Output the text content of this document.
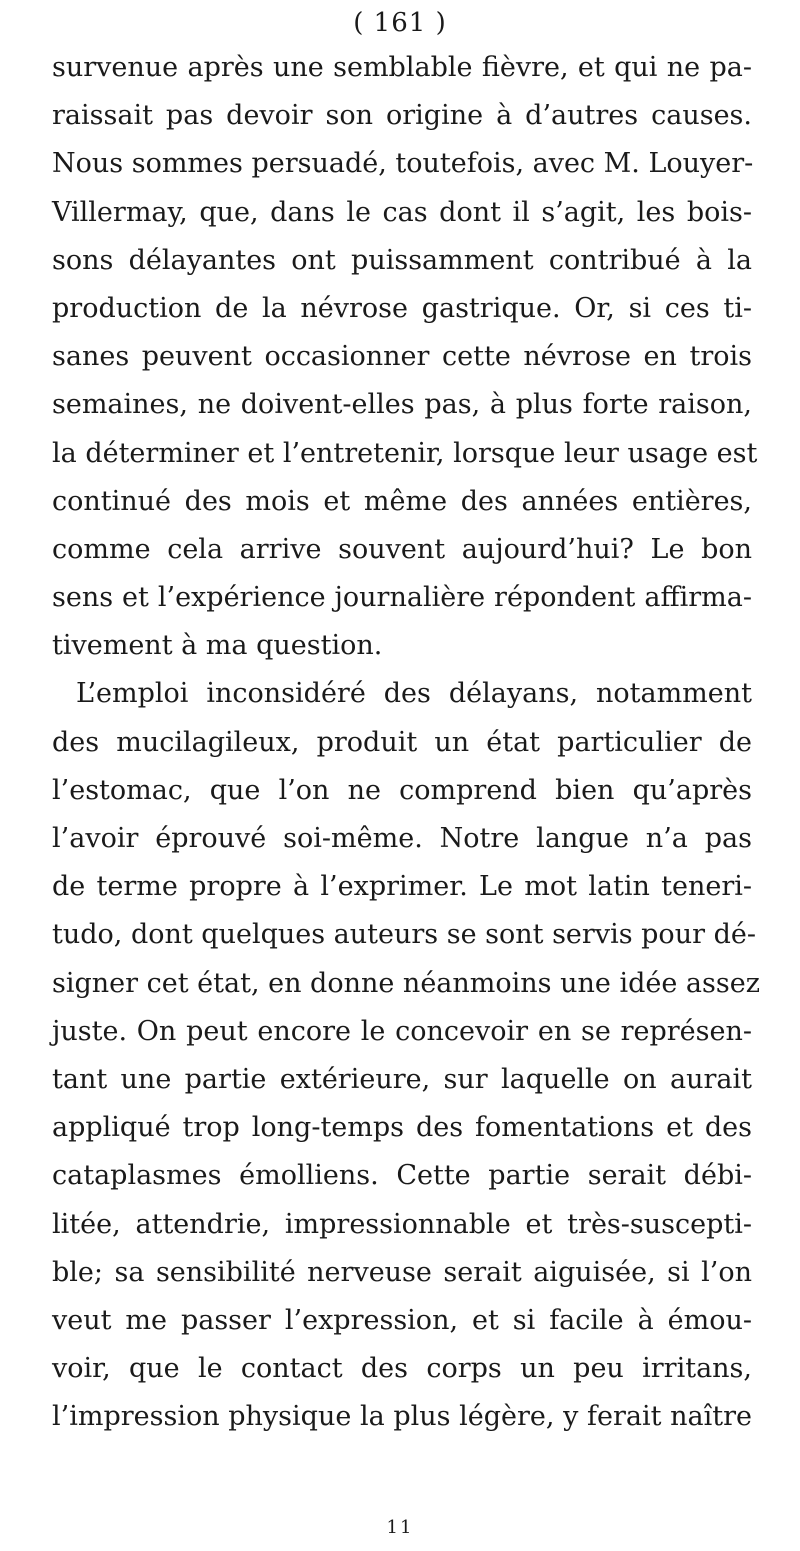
( 161 )
survenue après une semblable fièvre, et qui ne pa-
raissait pas devoir son origine à d’autres causes.
Nous sommes persuadé, toutefois, avec M. Louyer-
Villermay, que, dans le cas dont il s’agit, les bois-
sons délayantes ont puissamment contribué à la
production de la névrose gastrique. Or, si ces ti-
sanes peuvent occasionner cette névrose en trois
semaines, ne doivent-elles pas, à plus forte raison,
la déterminer et l’entretenir, lorsque leur usage est
continué des mois et même des années entières,
comme cela arrive souvent aujourd’hui? Le bon
sens et l’expérience journalière répondent affirma-
tivement à ma question.
L’emploi inconsidéré des délayans, notamment
des mucilagileux, produit un état particulier de
l’estomac, que l’on ne comprend bien qu’après
l’avoir éprouvé soi-même. Notre langue n’a pas
de terme propre à l’exprimer. Le mot latin teneri-
tudo, dont quelques auteurs se sont servis pour dé-
signer cet état, en donne néanmoins une idée assez
juste. On peut encore le concevoir en se représen-
tant une partie extérieure, sur laquelle on aurait
appliqué trop long-temps des fomentations et des
cataplasmes émolliens. Cette partie serait débi-
litée, attendrie, impressionnable et très-suscepti-
ble; sa sensibilité nerveuse serait aiguisée, si l’on
veut me passer l’expression, et si facile à émou-
voir, que le contact des corps un peu irritans,
l’impression physique la plus légère, y ferait naître
11
